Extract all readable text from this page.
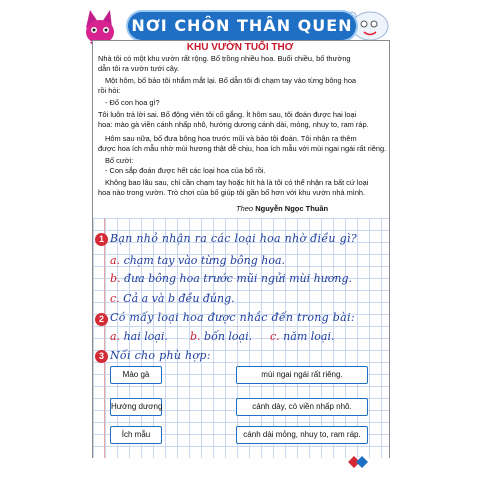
NƠI CHÔN THÂN QUEN
KHU VƯỜN TUỔI THƠ
Nhà tôi có một khu vườn rất rộng. Bố trồng nhiều hoa. Buổi chiều, bố thường
dẫn tôi ra vườn tưới cây.
Một hôm, bố bảo tôi nhắm mắt lại. Bố dẫn tôi đi chạm tay vào từng bông hoa
rồi hỏi:
- Đố con hoa gì?
Tôi luôn trả lời sai. Bố động viên tôi cố gắng. Ít hôm sau, tôi đoán được hai loại
hoa: mào gà viền cánh nhấp nhô, hướng dương cánh dài, mỏng, nhuy to, ram ráp.
Hôm sau nữa, bố đưa bông hoa trước mũi và bảo tôi đoán. Tôi nhận ra thêm
được hoa ích mẫu nhờ mùi hương thật dễ chịu, hoa ích mẫu với mùi ngai ngái rất riêng.
Bố cười:
- Con sắp đoán được hết các loại hoa của bố rồi.
Không bao lâu sau, chỉ cần chạm tay hoặc hít hà là tôi có thể nhận ra bất cứ loại
hoa nào trong vườn. Trò chơi của bố giúp tôi gần bố hơn với khu vườn nhà mình.
Theo Nguyễn Ngọc Thuần
1 Bạn nhỏ nhận ra các loại hoa nhờ điều gì?
a. chạm tay vào từng bông hoa.
b. đưa bông hoa trước mũi ngửi mùi hương.
c. Cả a và b đều đúng.
2 Có mấy loại hoa được nhắc đến trong bài:
a. hai loại. b. bốn loại. c. năm loại.
3 Nối cho phù hợp:
Mào gà
Hướng dương
Ích mẫu
mùi ngai ngái rất riêng.
cánh dày, có viền nhấp nhô.
cánh dài mỏng, nhuy to, ram ráp.
